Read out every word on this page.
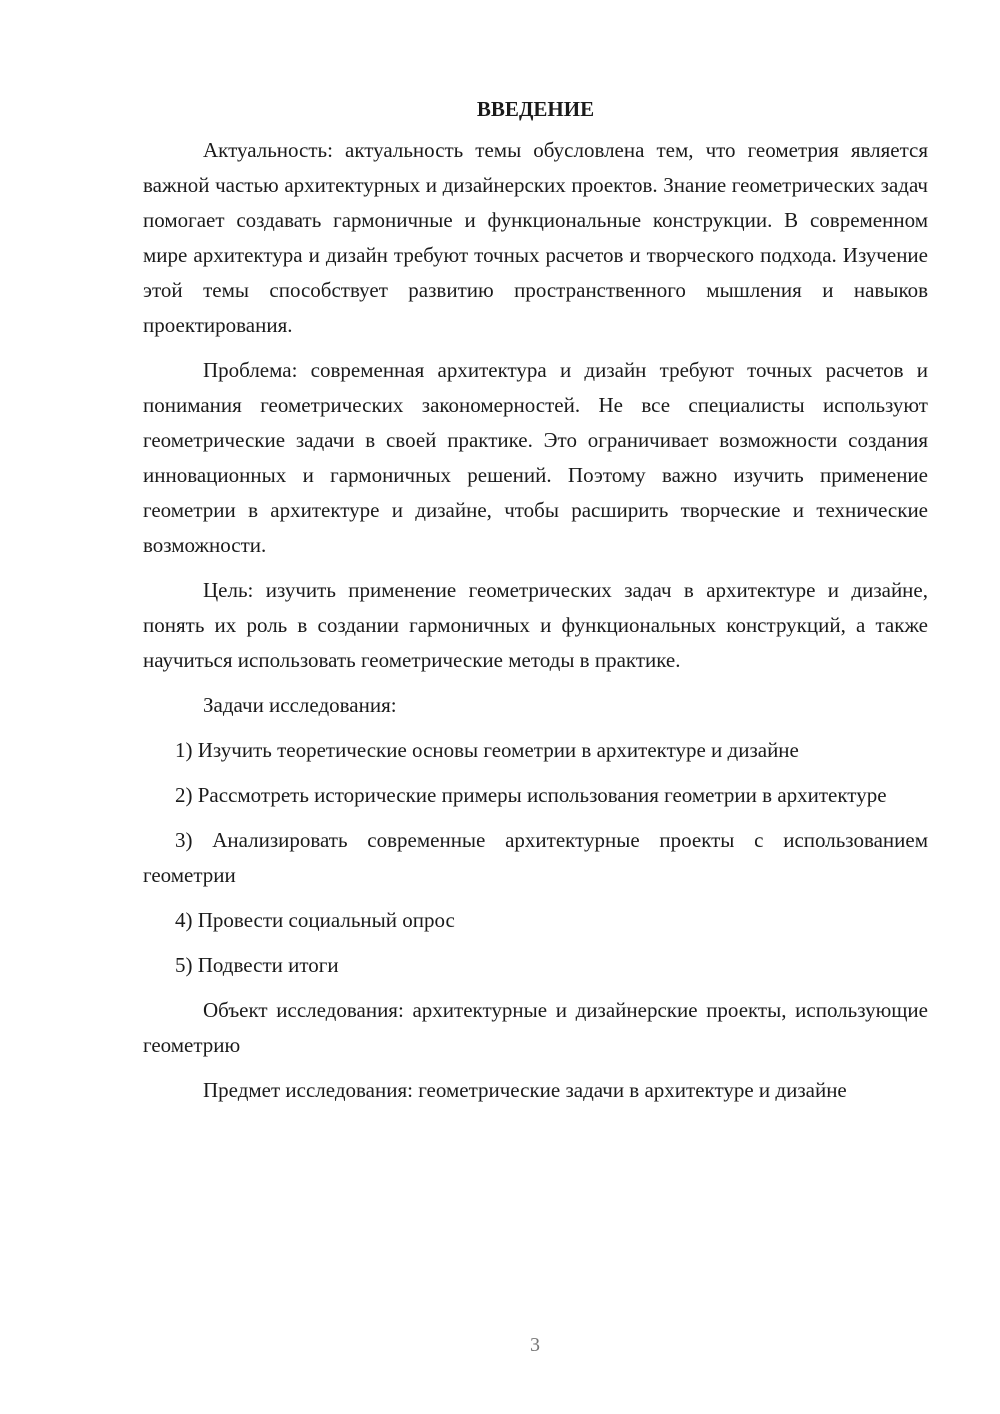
ВВЕДЕНИЕ

Актуальность: актуальность темы обусловлена тем, что геометрия является важной частью архитектурных и дизайнерских проектов. Знание геометрических задач помогает создавать гармоничные и функциональные конструкции. В современном мире архитектура и дизайн требуют точных расчетов и творческого подхода. Изучение этой темы способствует развитию пространственного мышления и навыков проектирования.

Проблема: современная архитектура и дизайн требуют точных расчетов и понимания геометрических закономерностей. Не все специалисты используют геометрические задачи в своей практике. Это ограничивает возможности создания инновационных и гармоничных решений. Поэтому важно изучить применение геометрии в архитектуре и дизайне, чтобы расширить творческие и технические возможности.

Цель: изучить применение геометрических задач в архитектуре и дизайне, понять их роль в создании гармоничных и функциональных конструкций, а также научиться использовать геометрические методы в практике.

Задачи исследования:

1) Изучить теоретические основы геометрии в архитектуре и дизайне

2) Рассмотреть исторические примеры использования геометрии в архитектуре

3) Анализировать современные архитектурные проекты с использованием геометрии

4) Провести социальный опрос

5) Подвести итоги

Объект исследования: архитектурные и дизайнерские проекты, использующие геометрию

Предмет исследования: геометрические задачи в архитектуре и дизайне

3
